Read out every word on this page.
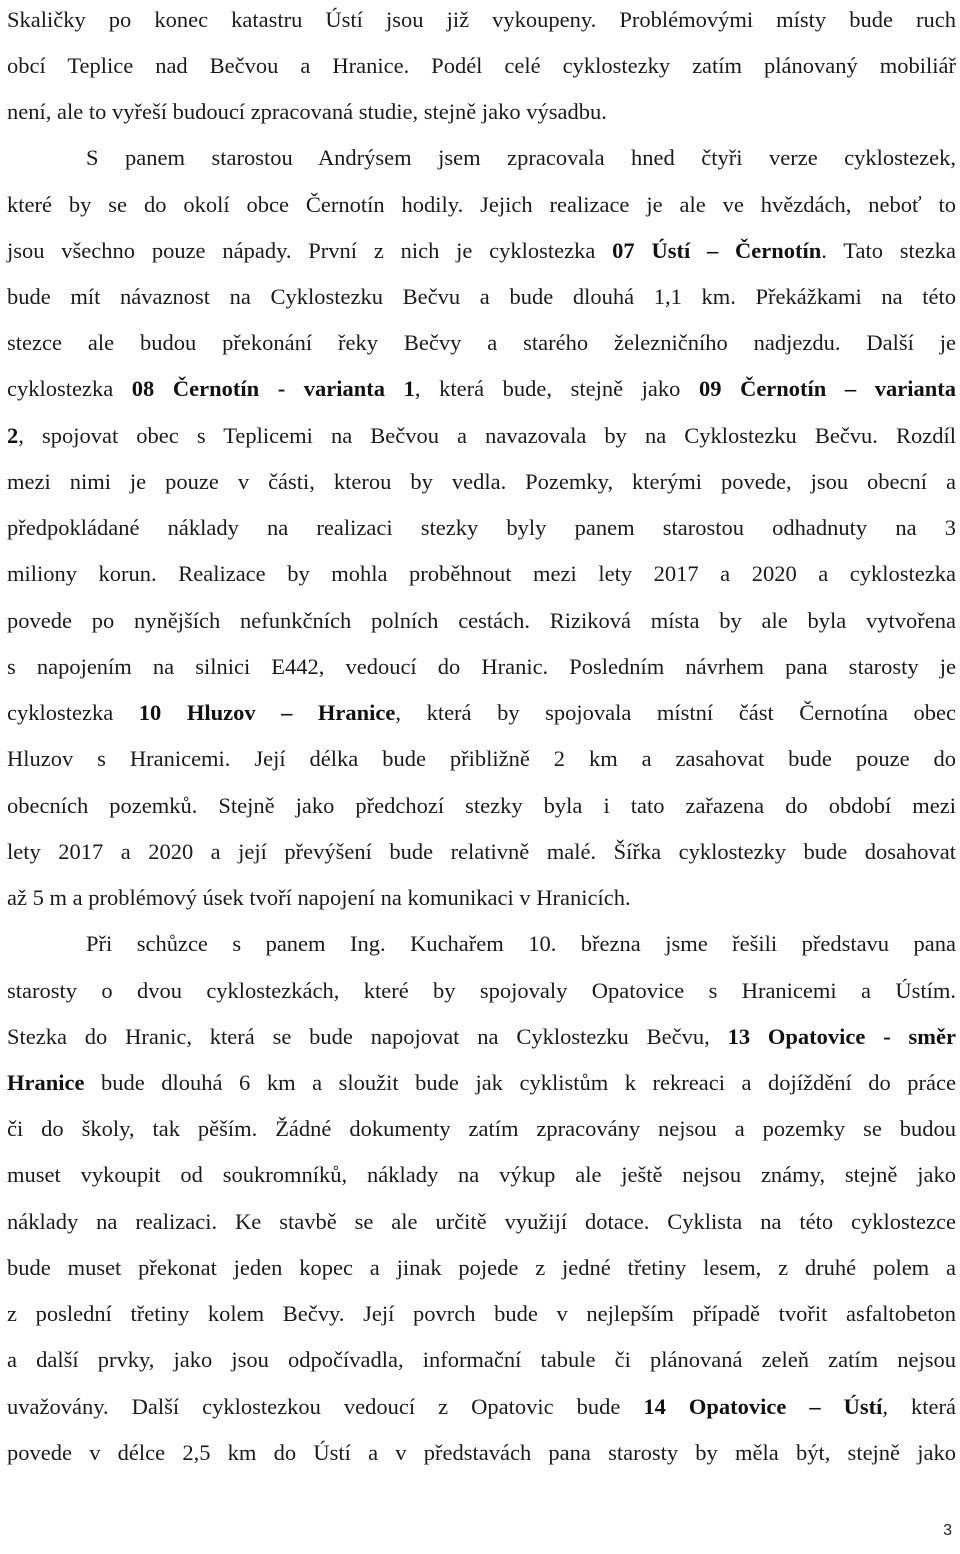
Skaličky po konec katastru Ústí jsou již vykoupeny. Problémovými místy bude ruch
obcí Teplice nad Bečvou a Hranice. Podél celé cyklostezky zatím plánovaný mobiliář
není, ale to vyřeší budoucí zpracovaná studie, stejně jako výsadbu.
S panem starostou Andrýsem jsem zpracovala hned čtyři verze cyklostezek,
které by se do okolí obce Černotín hodily. Jejich realizace je ale ve hvězdách, neboť to
jsou všechno pouze nápady. První z nich je cyklostezka 07 Ústí – Černotín. Tato stezka
bude mít návaznost na Cyklostezku Bečvu a bude dlouhá 1,1 km. Překážkami na této
stezce ale budou překonání řeky Bečvy a starého železničního nadjezdu. Další je
cyklostezka 08 Černotín - varianta 1, která bude, stejně jako 09 Černotín – varianta
2, spojovat obec s Teplicemi na Bečvou a navazovala by na Cyklostezku Bečvu. Rozdíl
mezi nimi je pouze v části, kterou by vedla. Pozemky, kterými povede, jsou obecní a
předpokládané náklady na realizaci stezky byly panem starostou odhadnuty na 3
miliony korun. Realizace by mohla proběhnout mezi lety 2017 a 2020 a cyklostezka
povede po nynějších nefunkčních polních cestách. Riziková místa by ale byla vytvořena
s napojením na silnici E442, vedoucí do Hranic. Posledním návrhem pana starosty je
cyklostezka 10 Hluzov – Hranice, která by spojovala místní část Černotína obec
Hluzov s Hranicemi. Její délka bude přibližně 2 km a zasahovat bude pouze do
obecních pozemků. Stejně jako předchozí stezky byla i tato zařazena do období mezi
lety 2017 a 2020 a její převýšení bude relativně malé. Šířka cyklostezky bude dosahovat
až 5 m a problémový úsek tvoří napojení na komunikaci v Hranicích.
Při schůzce s panem Ing. Kuchařem 10. března jsme řešili představu pana
starosty o dvou cyklostezkách, které by spojovaly Opatovice s Hranicemi a Ústím.
Stezka do Hranic, která se bude napojovat na Cyklostezku Bečvu, 13 Opatovice - směr
Hranice bude dlouhá 6 km a sloužit bude jak cyklistům k rekreaci a dojíždění do práce
či do školy, tak pěším. Žádné dokumenty zatím zpracovány nejsou a pozemky se budou
muset vykoupit od soukromníků, náklady na výkup ale ještě nejsou známy, stejně jako
náklady na realizaci. Ke stavbě se ale určitě využijí dotace. Cyklista na této cyklostezce
bude muset překonat jeden kopec a jinak pojede z jedné třetiny lesem, z druhé polem a
z poslední třetiny kolem Bečvy. Její povrch bude v nejlepším případě tvořit asfaltobeton
a další prvky, jako jsou odpočívadla, informační tabule či plánovaná zeleň zatím nejsou
uvažovány. Další cyklostezkou vedoucí z Opatovic bude 14 Opatovice – Ústí, která
povede v délce 2,5 km do Ústí a v představách pana starosty by měla být, stejně jako
3
